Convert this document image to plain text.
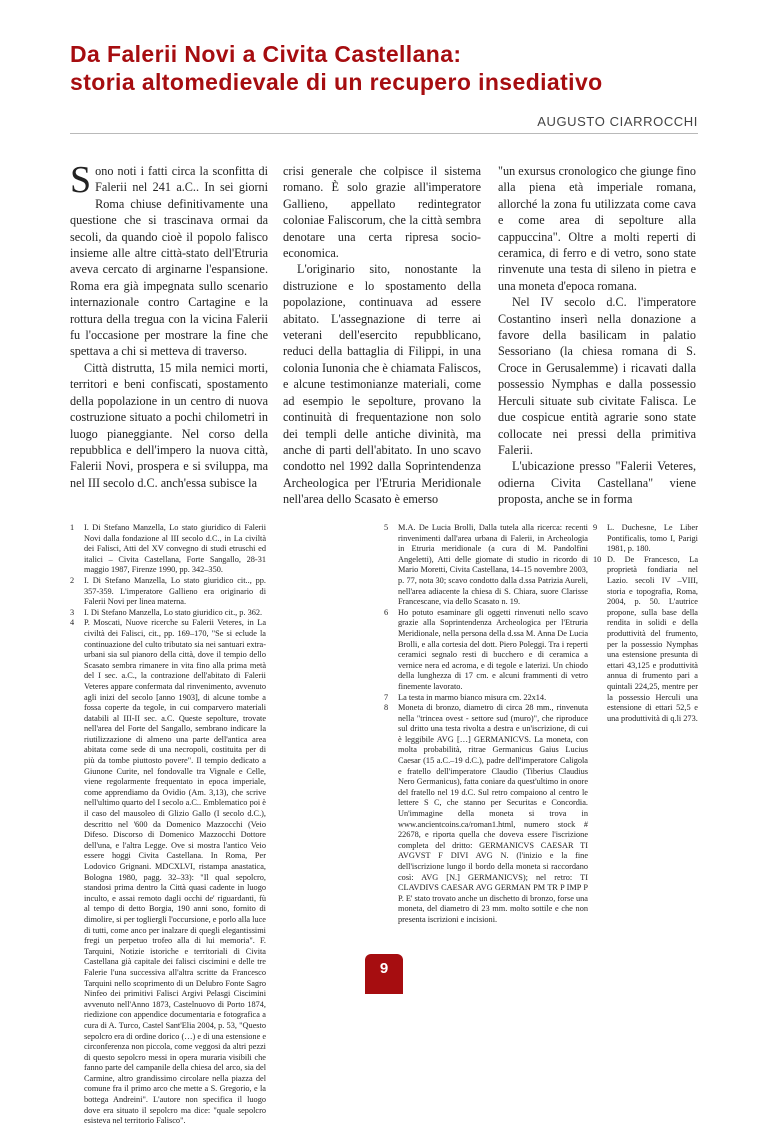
Da Falerii Novi a Civita Castellana:
storia altomedievale di un recupero insediativo
AUGUSTO CIARROCCHI

Sono noti i fatti circa la sconfitta di Falerii nel 241 a.C.. In sei giorni Roma chiuse definitivamente una questione che si trascinava ormai da secoli, da quando cioè il popolo falisco insieme alle altre città-stato dell'Etruria aveva cercato di arginarne l'espansione. Roma era già impegnata sullo scenario internazionale contro Cartagine e la rottura della tregua con la vicina Falerii fu l'occasione per mostrare la fine che spettava a chi si metteva di traverso.

Città distrutta, 15 mila nemici morti, territori e beni confiscati, spostamento della popolazione in un centro di nuova costruzione situato a pochi chilometri in luogo pianeggiante. Nel corso della repubblica e dell'impero la nuova città, Falerii Novi, prospera e si sviluppa, ma nel III secolo d.C. anch'essa subisce la

crisi generale che colpisce il sistema romano. È solo grazie all'imperatore Gallieno, appellato redintegrator coloniae Faliscorum, che la città sembra denotare una certa ripresa socio-economica.

L'originario sito, nonostante la distruzione e lo spostamento della popolazione, continuava ad essere abitato. L'assegnazione di terre ai veterani dell'esercito repubblicano, reduci della battaglia di Filippi, in una colonia Iunonia che è chiamata Faliscos, e alcune testimonianze materiali, come ad esempio le sepolture, provano la continuità di frequentazione non solo dei templi delle antiche divinità, ma anche di parti dell'abitato. In uno scavo condotto nel 1992 dalla Soprintendenza Archeologica per l'Etruria Meridionale nell'area dello Scasato è emerso

"un exursus cronologico che giunge fino alla piena età imperiale romana, allorché la zona fu utilizzata come cava e come area di sepolture alla cappuccina". Oltre a molti reperti di ceramica, di ferro e di vetro, sono state rinvenute una testa di sileno in pietra e una moneta d'epoca romana.

Nel IV secolo d.C. l'imperatore Costantino inserì nella donazione a favore della basilicam in palatio Sessoriano (la chiesa romana di S. Croce in Gerusalemme) i ricavati dalla possessio Nymphas e dalla possessio Herculi situate sub civitate Falisca. Le due cospicue entità agrarie sono state collocate nei pressi della primitiva Falerii.

L'ubicazione presso "Falerii Veteres, odierna Civita Castellana" viene proposta, anche se in forma

1	I. Di Stefano Manzella, Lo stato giuridico di Falerii Novi dalla fondazione al III secolo d.C., in La civiltà dei Falisci, Atti del XV convegno di studi etruschi ed italici – Civita Castellana, Forte Sangallo, 28-31 maggio 1987, Firenze 1990, pp. 342–350.
2	I. Di Stefano Manzella, Lo stato giuridico cit.., pp. 357-359. L'imperatore Gallieno era originario di Falerii Novi per linea materna.
3	I. Di Stefano Manzella, Lo stato giuridico cit., p. 362.
4	P. Moscati, Nuove ricerche su Falerii Veteres, in La civiltà dei Falisci, cit., pp. 169–170, "Se si eclude la continuazione del culto tributato sia nei santuari extra-urbani sia sul pianoro della città, dove il tempio dello Scasato sembra rimanere in vita fino alla prima metà del I sec. a.C., la contrazione dell'abitato di Falerii Veteres appare confermata dal rinvenimento, avvenuto agli inizi del secolo [anno 1903], di alcune tombe a fossa coperte da tegole, in cui comparvero materiali databili al III-II sec. a.C. Queste sepolture, trovate nell'area del Forte del Sangallo, sembrano indicare la riutilizzazione di almeno una parte dell'antica area abitata come sede di una necropoli, costituita per di più da tombe piuttosto povere". Il tempio dedicato a Giunone Curite, nel fondovalle tra Vignale e Celle, viene regolarmente frequentato in epoca imperiale, come apprendiamo da Ovidio (Am. 3,13), che scrive nell'ultimo quarto del I secolo a.C.. Emblematico poi è il caso del mausoleo di Glizio Gallo (I secolo d.C.), descritto nel '600 da Domenico Mazzocchi (Veio Difeso. Discorso di Domenico Mazzocchi Dottore dell'una, e l'altra Legge. Ove si mostra l'antico Veio essere hoggi Civita Castellana. In Roma, Per Lodovico Grignani. MDCXLVI, ristampa anastatica, Bologna 1980, pagg. 32–33): "Il qual sepolcro, standosi prima dentro la Città quasi cadente in luogo inculto, e assai remoto dagli occhi de' riguardanti, fù al tempo di detto Borgia, 190 anni sono, fornito di dimolire, si per togliergli l'occursione, e porlo alla luce di tutti, come anco per inalzare di quegli elegantissimi fregi un perpetuo trofeo alla di lui memoria". F. Tarquini, Notizie istoriche e territoriali di Civita Castellana già capitale dei falisci ciscimini e delle tre Falerie l'una successiva all'altra scritte da Francesco Tarquini nello scoprimento di un Delubro Fonte Sagro Ninfeo dei primitivi Falisci Argivi Pelasgi Ciscimini avvenuto nell'Anno 1873, Castelnuovo di Porto 1874, riedizione con appendice documentaria e fotografica a cura di A. Turco, Castel Sant'Elia 2004, p. 53, "Questo sepolcro era di ordine dorico (…) e di una estensione e circonferenza non piccola, come veggosi da altri pezzi di questo sepolcro messi in opera muraria visibili che fanno parte del campanile della chiesa del arco, sia del Carmine, altro grandissimo circolare nella piazza del comune fra il primo arco che mette a S. Gregorio, e la bottega Andreini". L'autore non specifica il luogo dove era situato il sepolcro ma dice: "quale sepolcro esisteva nel territorio Falisco".
5	M.A. De Lucia Brolli, Dalla tutela alla ricerca: recenti rinvenimenti dall'area urbana di Falerii, in Archeologia in Etruria meridionale (a cura di M. Pandolfini Angeletti), Atti delle giornate di studio in ricordo di Mario Moretti, Civita Castellana, 14–15 novembre 2003, p. 77, nota 30; scavo condotto dalla d.ssa Patrizia Aureli, nell'area adiacente la chiesa di S. Chiara, suore Clarisse Francescane, via dello Scasato n. 19.
6	Ho potuto esaminare gli oggetti rinvenuti nello scavo grazie alla Soprintendenza Archeologica per l'Etruria Meridionale, nella persona della d.ssa M. Anna De Lucia Brolli, e alla cortesia del dott. Piero Poleggi. Tra i reperti ceramici segnalo resti di bucchero e di ceramica a vernice nera ed acroma, e di tegole e laterizi. Un chiodo della lunghezza di 17 cm. e alcuni frammenti di vetro finemente lavorato.
7	La testa in marmo bianco misura cm. 22x14.
8	Moneta di bronzo, diametro di circa 28 mm., rinvenuta nella "trincea ovest - settore sud (muro)", che riproduce sul dritto una testa rivolta a destra e un'iscrizione, di cui è leggibile AVG […] GERMANICVS. La moneta, con molta probabilità, ritrae Germanicus Gaius Lucius Caesar (15 a.C.–19 d.C.), padre dell'imperatore Caligola e fratello dell'imperatore Claudio (Tiberius Claudius Nero Germanicus), fatta coniare da quest'ultimo in onore del fratello nel 19 d.C. Sul retro compaiono al centro le lettere S C, che stanno per Securitas e Concordia. Un'immagine della moneta si trova in www.ancientcoins.ca/roman1.html, numero stock # 22678, e riporta quella che doveva essere l'iscrizione completa del dritto: GERMANICVS CAESAR TI AVGVST F DIVI AVG N. (l'inizio e la fine dell'iscrizione lungo il bordo della moneta si raccordano così: AVG [N.] GERMANICVS); nel retro: TI CLAVDIVS CAESAR AVG GERMAN PM TR P IMP P P. E' stato trovato anche un dischetto di bronzo, forse una moneta, del diametro di 23 mm. molto sottile e che non presenta iscrizioni e incisioni.
9	L. Duchesne, Le Liber Pontificalis, tomo I, Parigi 1981, p. 180.
10 D. De Francesco, La proprietà fondiaria nel Lazio. secoli IV –VIII, storia e topografia, Roma, 2004, p. 50. L'autrice propone, sulla base della rendita in solidi e della produttività del frumento, per la possessio Nymphas una estensione presunta di ettari 43,125 e produttività annua di frumento pari a quintali 224,25, mentre per la possessio Herculi una estensione di ettari 52,5 e una produttività di q.li 273.
9
